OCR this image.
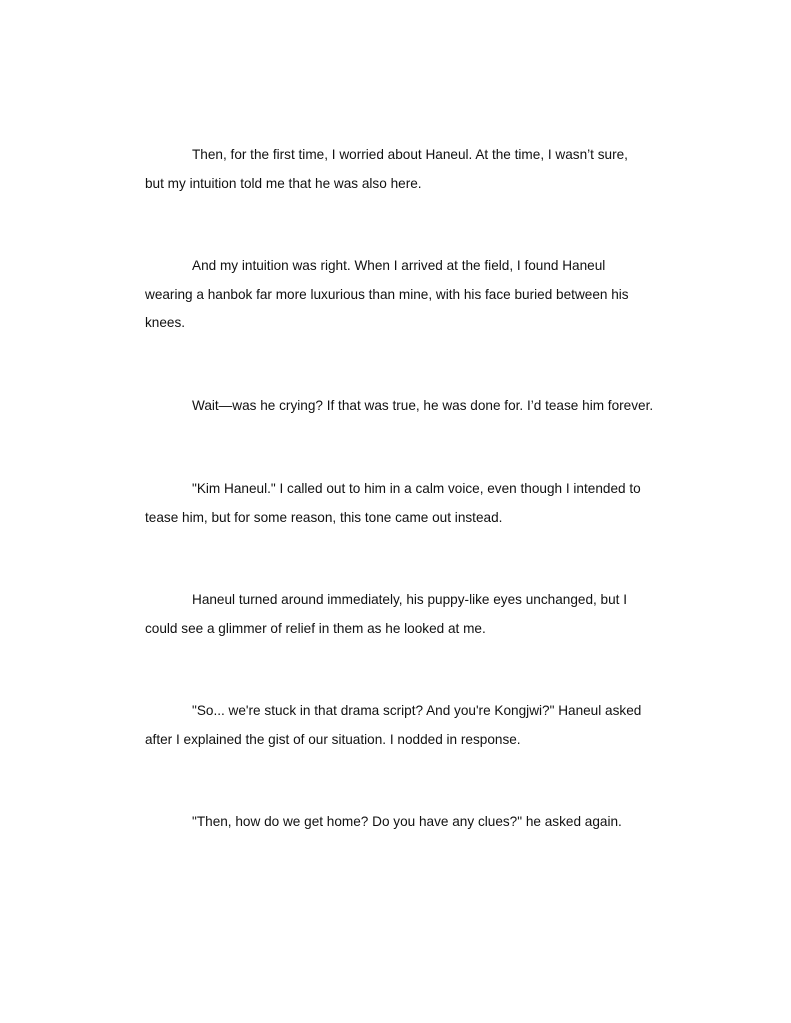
Then, for the first time, I worried about Haneul. At the time, I wasn’t sure,
but my intuition told me that he was also here.

And my intuition was right. When I arrived at the field, I found Haneul
wearing a hanbok far more luxurious than mine, with his face buried between his
knees.

Wait—was he crying? If that was true, he was done for. I’d tease him forever.

"Kim Haneul." I called out to him in a calm voice, even though I intended to
tease him, but for some reason, this tone came out instead.

Haneul turned around immediately, his puppy-like eyes unchanged, but I
could see a glimmer of relief in them as he looked at me.

"So... we're stuck in that drama script? And you're Kongjwi?" Haneul asked
after I explained the gist of our situation. I nodded in response.

"Then, how do we get home? Do you have any clues?" he asked again.
